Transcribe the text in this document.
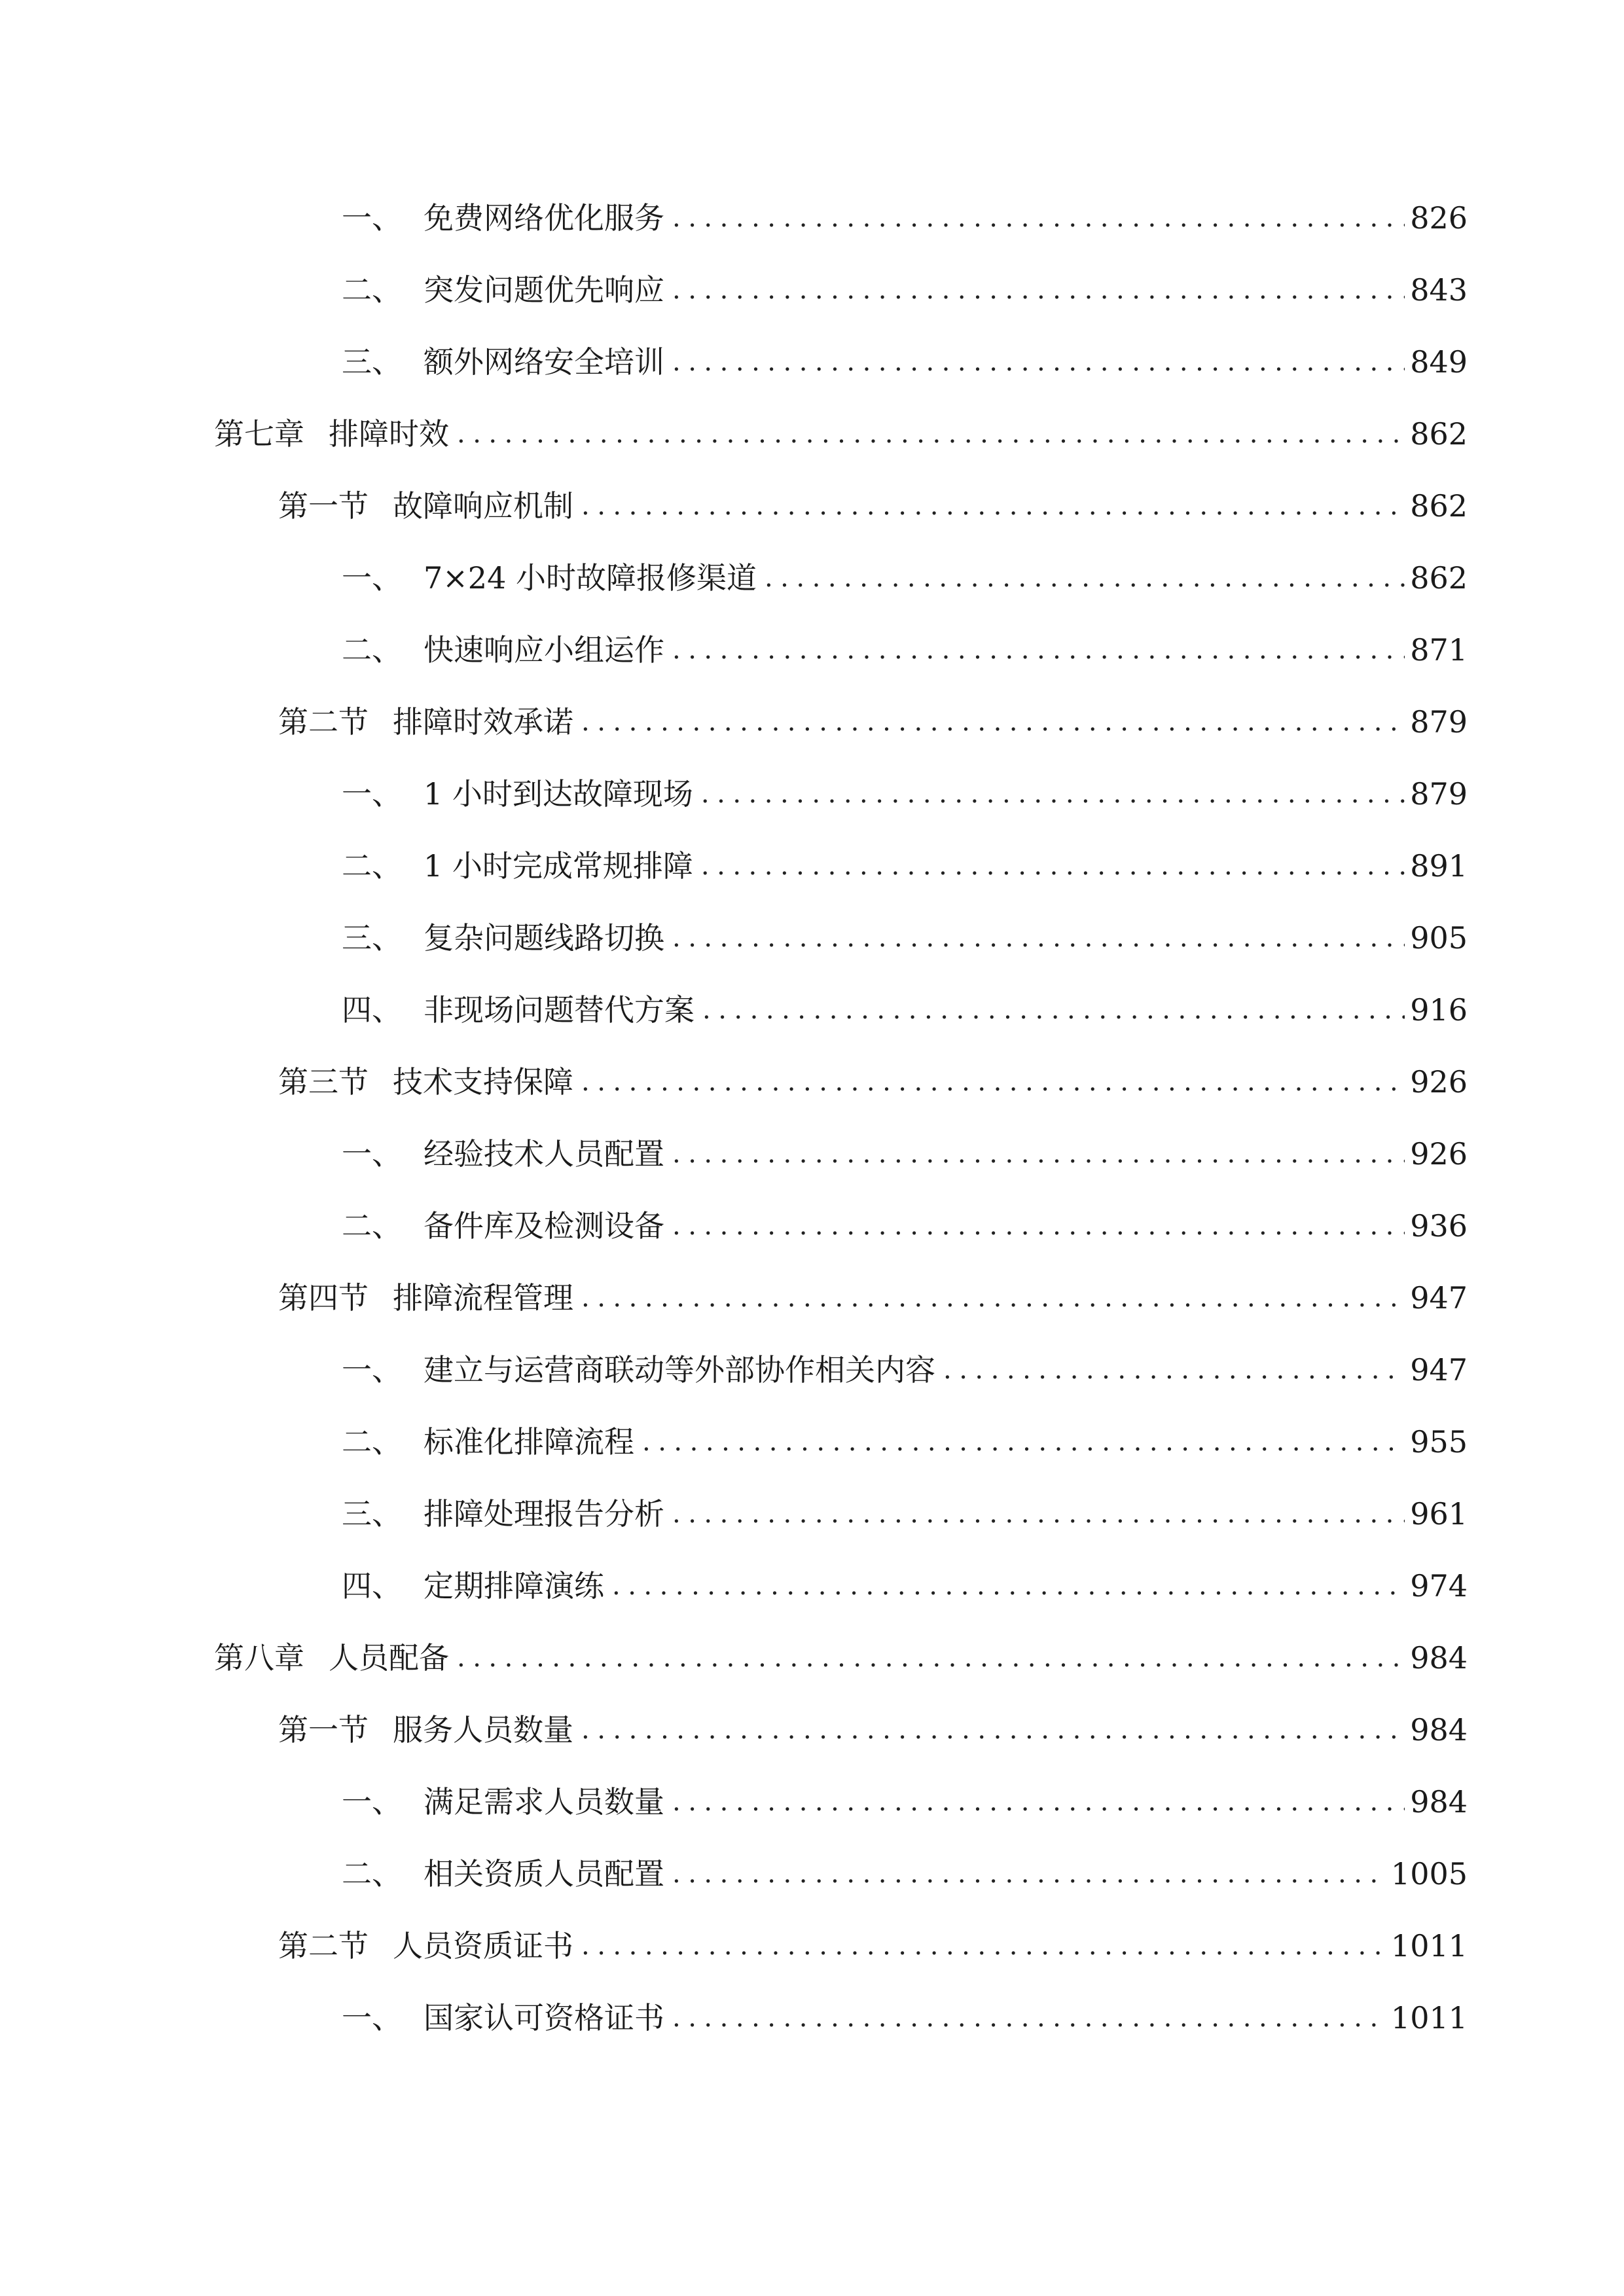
一、 免费网络优化服务 .....	826
二、 突发问题优先响应 .....	843
三、 额外网络安全培训 .....	849
第七章 排障时效 .....	862
第一节 故障响应机制 .....	862
一、 7×24 小时故障报修渠道 .....	862
二、 快速响应小组运作 .....	871
第二节 排障时效承诺 .....	879
一、 1 小时到达故障现场 .....	879
二、 1 小时完成常规排障 .....	891
三、 复杂问题线路切换 .....	905
四、 非现场问题替代方案 .....	916
第三节 技术支持保障 .....	926
一、 经验技术人员配置 .....	926
二、 备件库及检测设备 .....	936
第四节 排障流程管理 .....	947
一、 建立与运营商联动等外部协作相关内容 .....	947
二、 标准化排障流程 .....	955
三、 排障处理报告分析 .....	961
四、 定期排障演练 .....	974
第八章 人员配备 .....	984
第一节 服务人员数量 .....	984
一、 满足需求人员数量 .....	984
二、 相关资质人员配置 .....	1005
第二节 人员资质证书 .....	1011
一、 国家认可资格证书 .....	1011
